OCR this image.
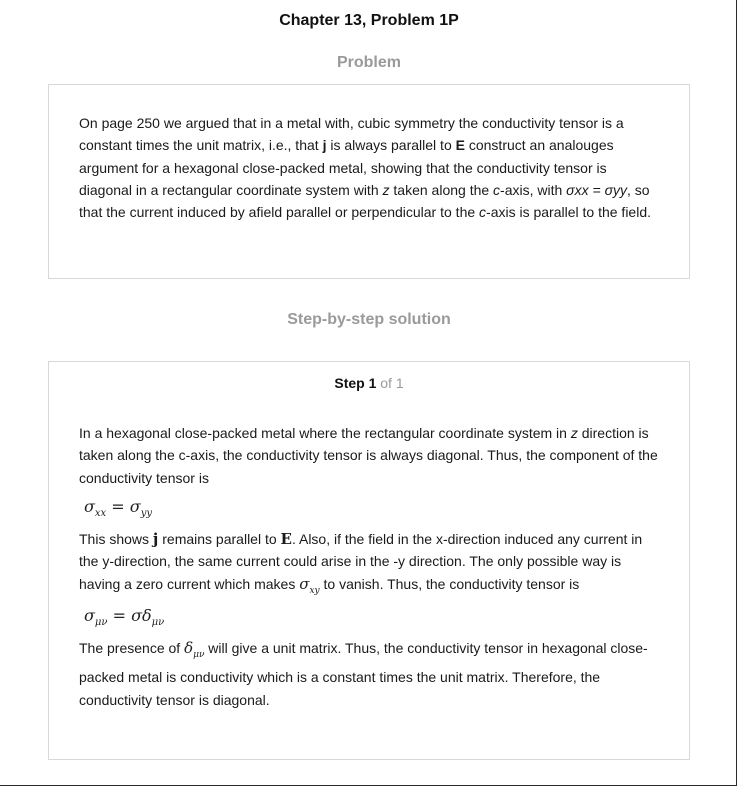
Chapter 13, Problem 1P
Problem
On page 250 we argued that in a metal with, cubic symmetry the conductivity tensor is a constant times the unit matrix, i.e., that j is always parallel to E construct an analouges argument for a hexagonal close-packed metal, showing that the conductivity tensor is diagonal in a rectangular coordinate system with z taken along the c-axis, with σxx = σyy, so that the current induced by afield parallel or perpendicular to the c-axis is parallel to the field.
Step-by-step solution
Step 1 of 1
In a hexagonal close-packed metal where the rectangular coordinate system in z direction is taken along the c-axis, the conductivity tensor is always diagonal. Thus, the component of the conductivity tensor is
$\sigma_{xx} = \sigma_{yy}$
This shows j remains parallel to E. Also, if the field in the x-direction induced any current in the y-direction, the same current could arise in the -y direction. The only possible way is having a zero current which makes $\sigma_{xy}$ to vanish. Thus, the conductivity tensor is
$\sigma_{\mu\nu} = \sigma\delta_{\mu\nu}$
The presence of $\delta_{\mu\nu}$ will give a unit matrix. Thus, the conductivity tensor in hexagonal close-packed metal is conductivity which is a constant times the unit matrix. Therefore, the conductivity tensor is diagonal.
